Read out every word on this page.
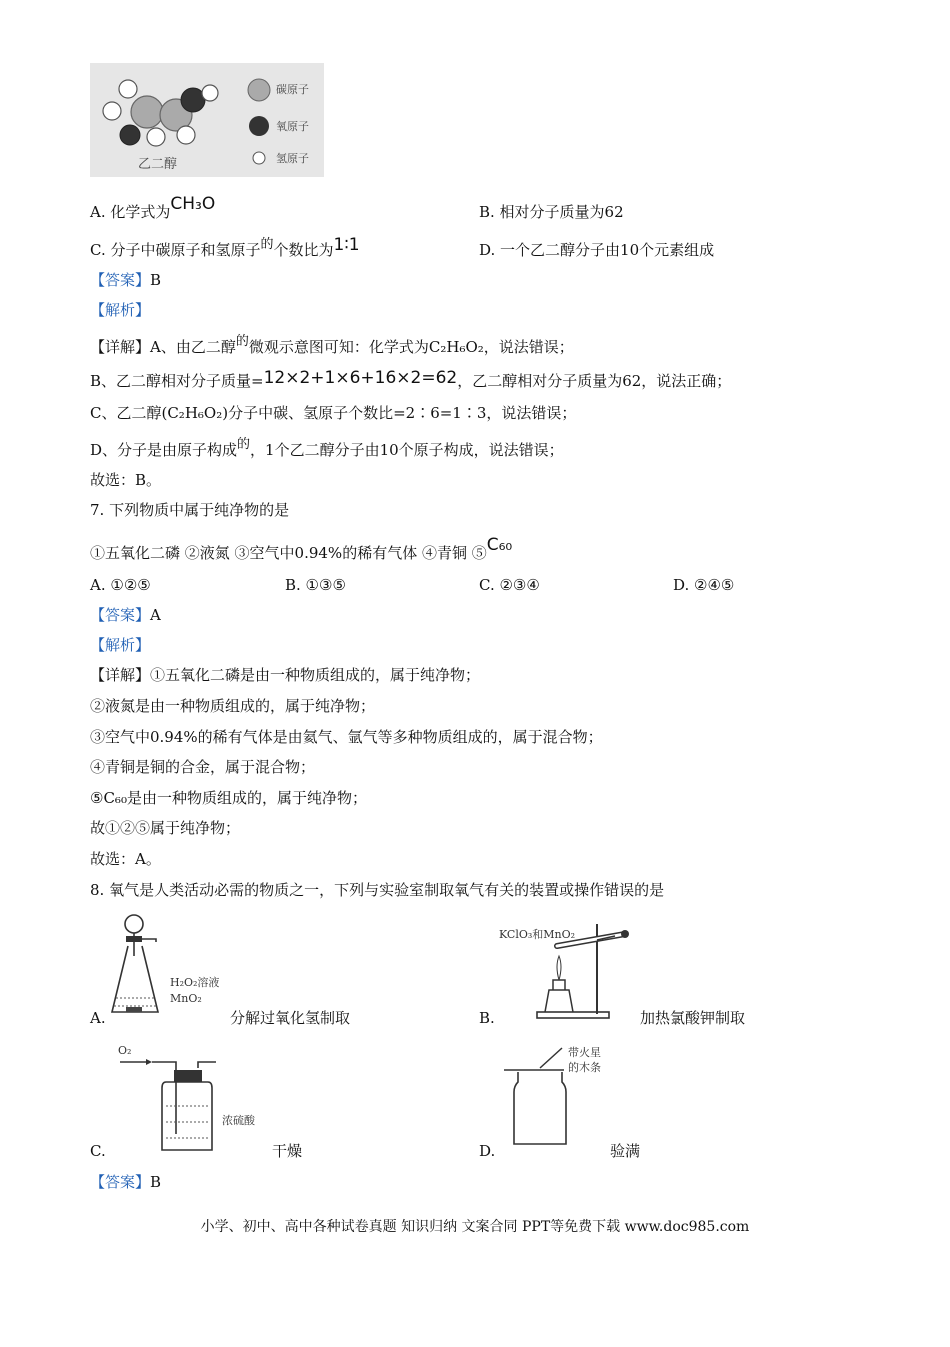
乙二醇
碳原子
氧原子
氢原子
A. 化学式为CH₃O	B. 相对分子质量为62
C. 分子中碳原子和氢原子的个数比为1∶1	D. 一个乙二醇分子由10个元素组成
【答案】B
【解析】
【详解】A、由乙二醇的微观示意图可知：化学式为C₂H₆O₂，说法错误；
B、乙二醇相对分子质量=12×2+1×6+16×2=62，乙二醇相对分子质量为62，说法正确；
C、乙二醇(C₂H₆O₂)分子中碳、氢原子个数比=2∶6=1∶3，说法错误；
D、分子是由原子构成的，1个乙二醇分子由10个原子构成，说法错误；
故选：B。
7. 下列物质中属于纯净物的是
①五氧化二磷 ②液氮 ③空气中0.94%的稀有气体 ④青铜 ⑤C₆₀
A. ①②⑤	B. ①③⑤	C. ②③④	D. ②④⑤
【答案】A
【解析】
【详解】①五氧化二磷是由一种物质组成的，属于纯净物；
②液氮是由一种物质组成的，属于纯净物；
③空气中0.94%的稀有气体是由氦气、氩气等多种物质组成的，属于混合物；
④青铜是铜的合金，属于混合物；
⑤C₆₀是由一种物质组成的，属于纯净物；
故①②⑤属于纯净物；
故选：A。
8. 氧气是人类活动必需的物质之一，下列与实验室制取氧气有关的装置或操作错误的是
H₂O₂溶液
MnO₂
A.	分解过氧化氢制取
KClO₃和MnO₂
B.	加热氯酸钾制取
O₂
浓硫酸
C.	干燥
带火星
的木条
D.	验满
【答案】B
小学、初中、高中各种试卷真题 知识归纳 文案合同 PPT等免费下载 www.doc985.com
